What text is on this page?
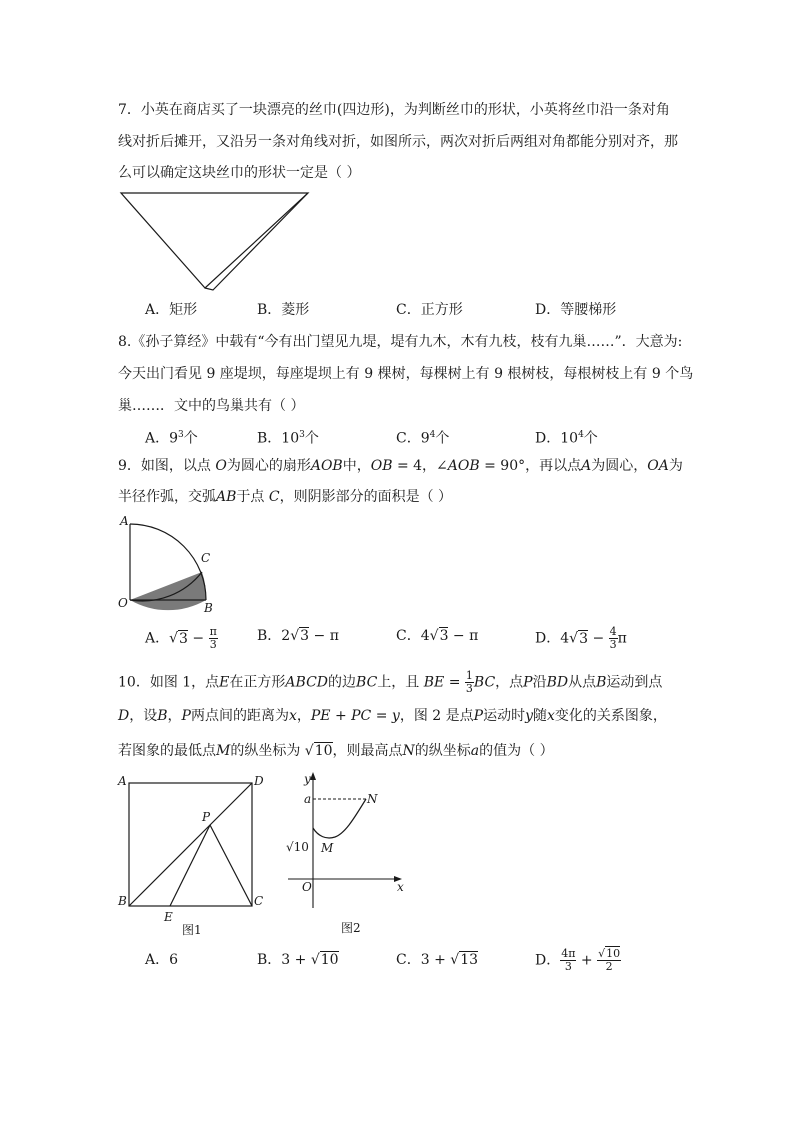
7．小英在商店买了一块漂亮的丝巾(四边形)，为判断丝巾的形状，小英将丝巾沿一条对角
线对折后摊开，又沿另一条对角线对折，如图所示，两次对折后两组对角都能分别对齐，那
么可以确定这块丝巾的形状一定是（ ）
A．矩形	B．菱形	C．正方形	D．等腰梯形
8.《孙子算经》中载有“今有出门望见九堤，堤有九木，木有九枝，枝有九巢……”．大意为:
今天出门看见 9 座堤坝，每座堤坝上有 9 棵树，每棵树上有 9 根树枝，每根树枝上有 9 个鸟
巢……．文中的鸟巢共有（ ）
A．$9^3$个	B．$10^3$个	C．$9^4$个	D．$10^4$个
9．如图，以点 O为圆心的扇形AOB中，OB = 4，∠AOB = 90°，再以点A为圆心，OA为
半径作弧，交弧AB于点 C，则阴影部分的面积是（ ）
A
C
O	B
A．$√3 - \frac{\pi}{3}$	B．2√3 − π	C．4√3 − π	D．$4√3 - \frac{4}{3}$ π
10．如图 1，点E在正方形ABCD的边BC上，且 BE = $\frac{1}{3}$ BC，点P沿BD从点B运动到点
D，设B，P两点间的距离为x，PE + PC = y，图 2 是点P运动时y随x变化的关系图象，
若图象的最低点M的纵坐标为 √10，则最高点N的纵坐标a的值为（ ）
A	D
P
B	C
E
图1
y
a	N
√10 M
O	x
图2
A．6	B．3 + √10	C．3 + √13	D． $\frac{4\pi}{3} + \frac{√10}{2}$
